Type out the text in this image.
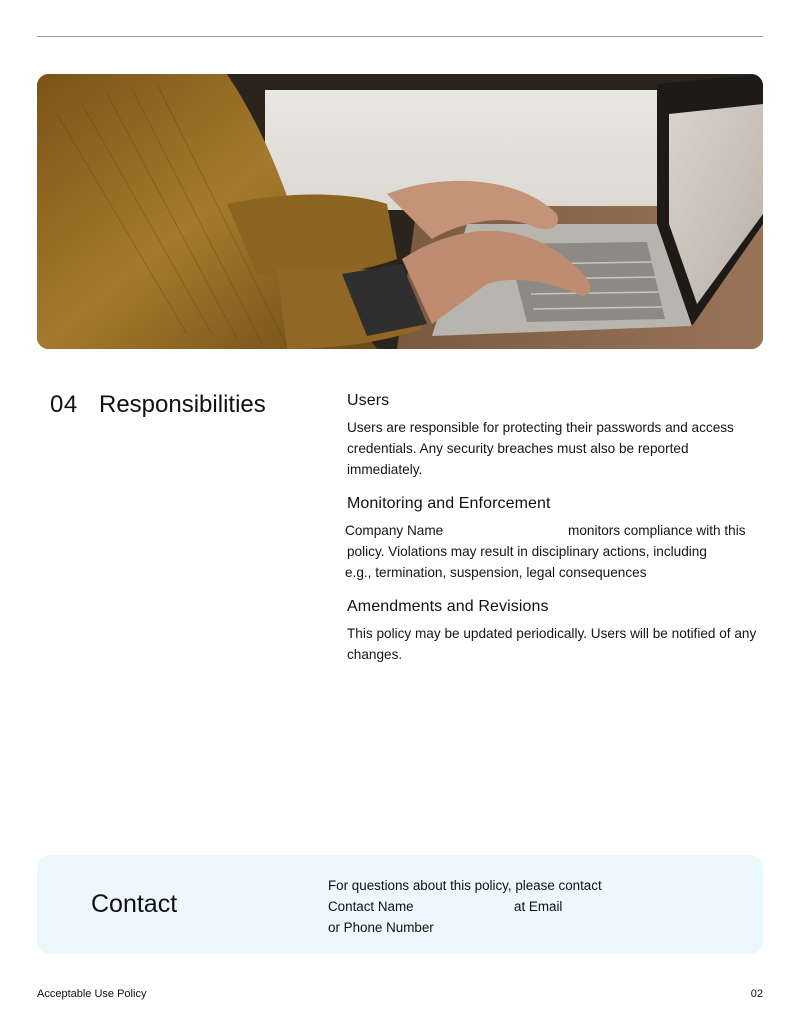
04 Responsibilities	Users

Users are responsible for protecting their passwords and access
credentials. Any security breaches must also be reported immediately.

Monitoring and Enforcement

Company Name	monitors compliance with this
policy. Violations may result in disciplinary actions, including
e.g., termination, suspension, legal consequences

Amendments and Revisions

This policy may be updated periodically. Users will be notified of any
changes.

Contact
For questions about this policy, please contact
Contact Name	at Email
or Phone Number
Acceptable Use Policy	02
